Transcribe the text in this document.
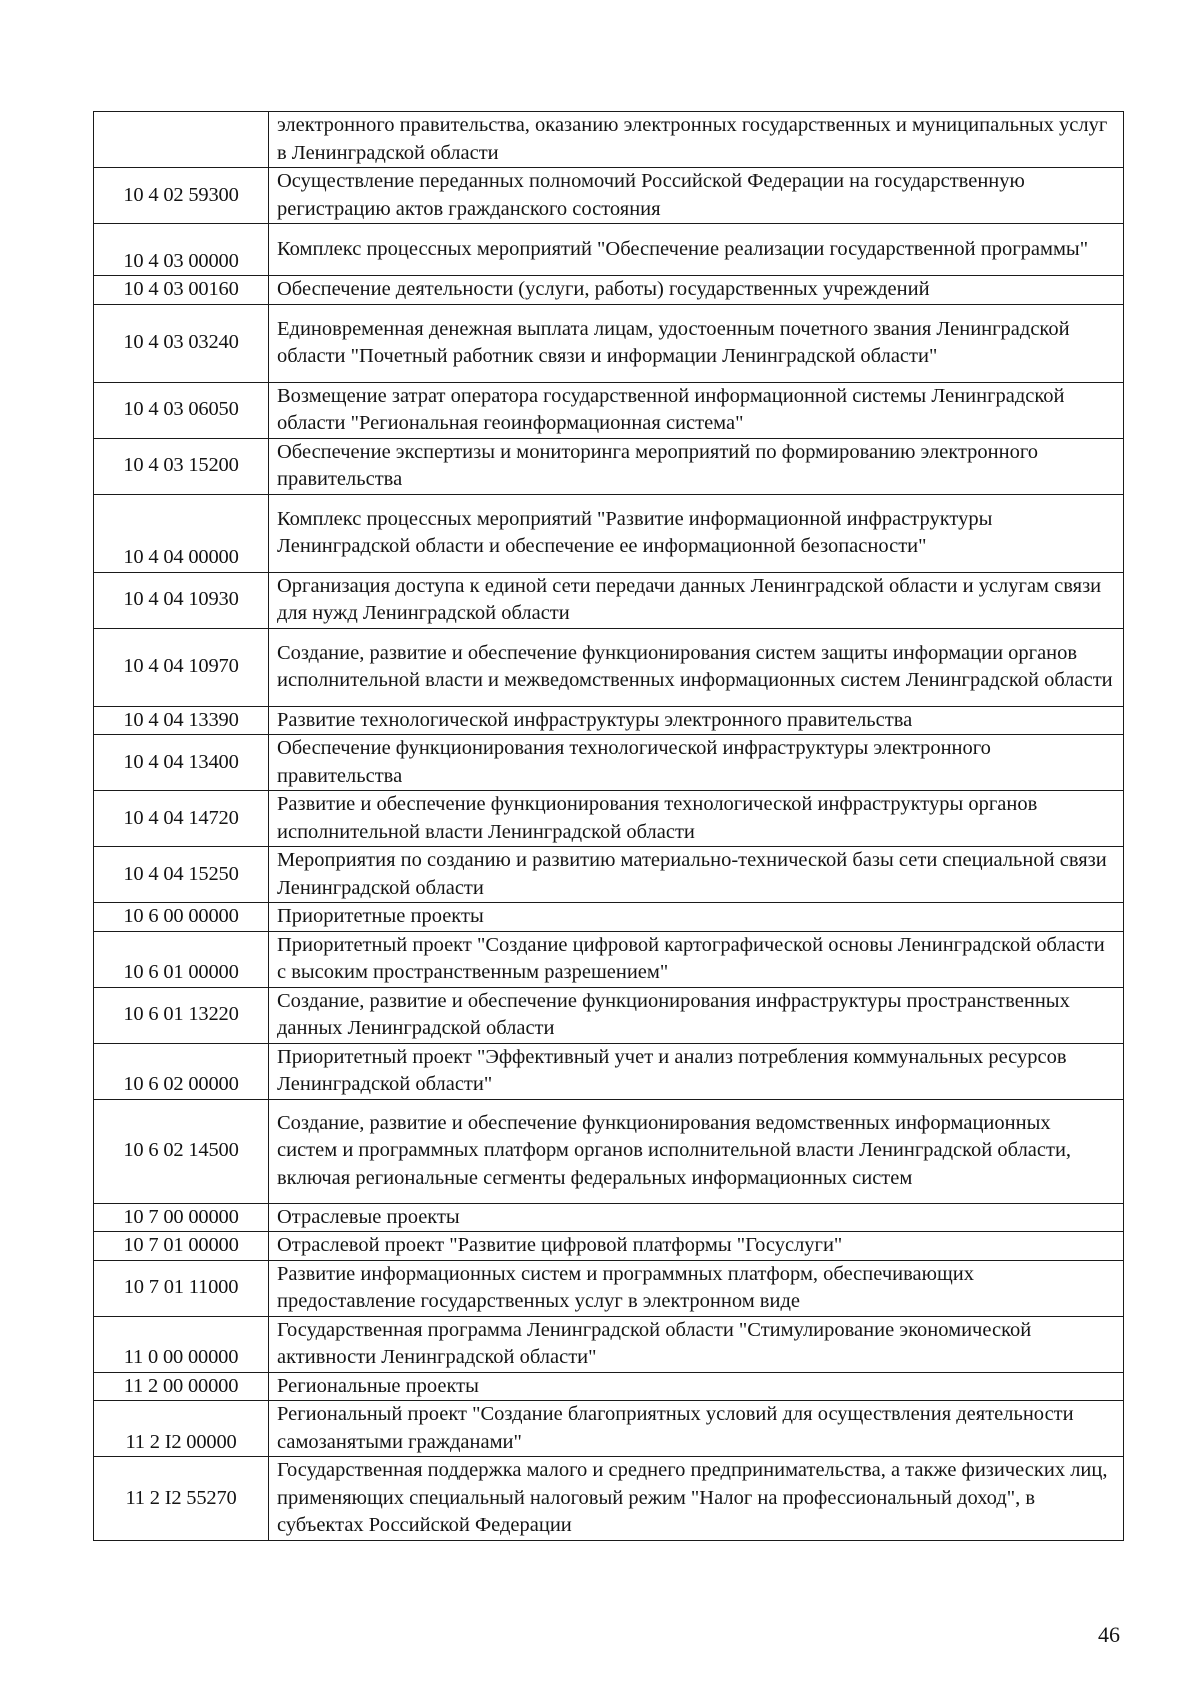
	электронного правительства, оказанию электронных государственных и муниципальных услуг в Ленинградской области
10 4 02 59300	Осуществление переданных полномочий Российской Федерации на государственную регистрацию актов гражданского состояния
10 4 03 00000	Комплекс процессных мероприятий "Обеспечение реализации государственной программы"
10 4 03 00160	Обеспечение деятельности (услуги, работы) государственных учреждений
10 4 03 03240	Единовременная денежная выплата лицам, удостоенным почетного звания Ленинградской области "Почетный работник связи и информации Ленинградской области"
10 4 03 06050	Возмещение затрат оператора государственной информационной системы Ленинградской области "Региональная геоинформационная система"
10 4 03 15200	Обеспечение экспертизы и мониторинга мероприятий по формированию электронного правительства
10 4 04 00000	Комплекс процессных мероприятий "Развитие информационной инфраструктуры Ленинградской области и обеспечение ее информационной безопасности"
10 4 04 10930	Организация доступа к единой сети передачи данных Ленинградской области и услугам связи для нужд Ленинградской области
10 4 04 10970	Создание, развитие и обеспечение функционирования систем защиты информации органов исполнительной власти и межведомственных информационных систем Ленинградской области
10 4 04 13390	Развитие технологической инфраструктуры электронного правительства
10 4 04 13400	Обеспечение функционирования технологической инфраструктуры электронного правительства
10 4 04 14720	Развитие и обеспечение функционирования технологической инфраструктуры органов исполнительной власти Ленинградской области
10 4 04 15250	Мероприятия по созданию и развитию материально-технической базы сети специальной связи Ленинградской области
10 6 00 00000	Приоритетные проекты
10 6 01 00000	Приоритетный проект "Создание цифровой картографической основы Ленинградской области с высоким пространственным разрешением"
10 6 01 13220	Создание, развитие и обеспечение функционирования инфраструктуры пространственных данных Ленинградской области
10 6 02 00000	Приоритетный проект "Эффективный учет и анализ потребления коммунальных ресурсов Ленинградской области"
10 6 02 14500	Создание, развитие и обеспечение функционирования ведомственных информационных систем и программных платформ органов исполнительной власти Ленинградской области, включая региональные сегменты федеральных информационных систем
10 7 00 00000	Отраслевые проекты
10 7 01 00000	Отраслевой проект "Развитие цифровой платформы "Госуслуги"
10 7 01 11000	Развитие информационных систем и программных платформ, обеспечивающих предоставление государственных услуг в электронном виде
11 0 00 00000	Государственная программа Ленинградской области "Стимулирование экономической активности Ленинградской области"
11 2 00 00000	Региональные проекты
11 2 I2 00000	Региональный проект "Создание благоприятных условий для осуществления деятельности самозанятыми гражданами"
11 2 I2 55270	Государственная поддержка малого и среднего предпринимательства, а также физических лиц, применяющих специальный налоговый режим "Налог на профессиональный доход", в субъектах Российской Федерации
46
